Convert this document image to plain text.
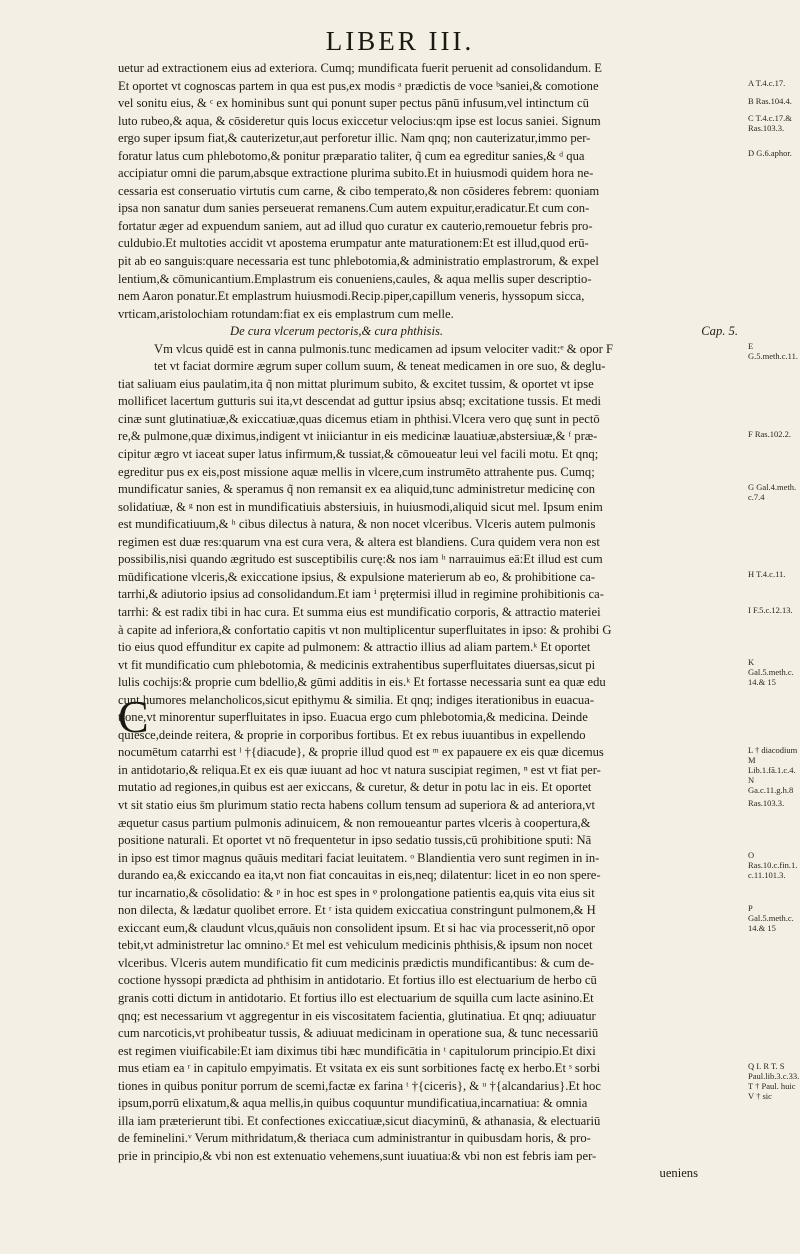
LIBER III.
C
uetur ad extractionem eius ad exteriora. Cumq; mundificata fuerit peruenit ad consolidandum. E
Et oportet vt cognoscas partem in qua est pus,ex modis ᵃ prædictis de voce ᵇsaniei,& comotione
vel sonitu eius, & ᶜ ex hominibus sunt qui ponunt super pectus pānū infusum,vel intinctum cū
luto rubeo,& aqua, & cōsideretur quis locus exiccetur velocius:qm ipse est locus saniei. Signum
ergo super ipsum fiat,& cauterizetur,aut perforetur illic. Nam qnq; non cauterizatur,immo per-
foratur latus cum phlebotomo,& ponitur præparatio taliter, q̃ cum ea egreditur sanies,& ᵈ qua
accipiatur omni die parum,absque extractione plurima subito.Et in huiusmodi quidem hora ne-
cessaria est conseruatio virtutis cum carne, & cibo temperato,& non cōsideres febrem: quoniam
ipsa non sanatur dum sanies perseuerat remanens.Cum autem expuitur,eradicatur.Et cum con-
fortatur æger ad expuendum saniem, aut ad illud quo curatur ex cauterio,remouetur febris pro-
culdubio.Et multoties accidit vt apostema erumpatur ante maturationem:Et est illud,quod erū-
pit ab eo sanguis:quare necessaria est tunc phlebotomia,& administratio emplastrorum, & expel
lentium,& cōmunicantium.Emplastrum eis conueniens,caules, & aqua mellis super descriptio-
nem Aaron ponatur.Et emplastrum huiusmodi.Recip.piper,capillum veneris, hyssopum sicca,
vrticam,aristolochiam rotundam:fiat ex eis emplastrum cum melle.
De cura vlcerum pectoris,& cura phthisis.	Cap. 5.
Vm vlcus quidē est in canna pulmonis.tunc medicamen ad ipsum velociter vadit:ᵉ & opor F
tet vt faciat dormire ægrum super collum suum, & teneat medicamen in ore suo, & deglu-
tiat saliuam eius paulatim,ita q̃ non mittat plurimum subito, & excitet tussim, & oportet vt ipse
mollificet lacertum gutturis sui ita,vt descendat ad guttur ipsius absq; excitatione tussis. Et medi
cinæ sunt glutinatiuæ,& exiccatiuæ,quas dicemus etiam in phthisi.Vlcera vero quę sunt in pectō
re,& pulmone,quæ diximus,indigent vt iniiciantur in eis medicinæ lauatiuæ,abstersiuæ,& ᶠ præ-
cipitur ægro vt iaceat super latus infirmum,& tussiat,& cōmoueatur leui vel facili motu. Et qnq;
egreditur pus ex eis,post missione aquæ mellis in vlcere,cum instrumēto attrahente pus. Cumq;
mundificatur sanies, & speramus q̃ non remansit ex ea aliquid,tunc administretur medicinę con
solidatiuæ, & ᵍ non est in mundificatiuis abstersiuis, in huiusmodi,aliquid sicut mel. Ipsum enim
est mundificatiuum,& ʰ cibus dilectus à natura, & non nocet vlceribus. Vlceris autem pulmonis
regimen est duæ res:quarum vna est cura vera, & altera est blandiens. Cura quidem vera non est
possibilis,nisi quando ægritudo est susceptibilis curę:& nos iam ʰ narrauimus eā:Et illud est cum
mūdificatione vlceris,& exiccatione ipsius, & expulsione materierum ab eo, & prohibitione ca-
tarrhi,& adiutorio ipsius ad consolidandum.Et iam ⁱ prętermisi illud in regimine prohibitionis ca-
tarrhi: & est radix tibi in hac cura. Et summa eius est mundificatio corporis, & attractio materiei
à capite ad inferiora,& confortatio capitis vt non multiplicentur superfluitates in ipso: & prohibi G
tio eius quod effunditur ex capite ad pulmonem: & attractio illius ad aliam partem.ᵏ Et oportet
vt fit mundificatio cum phlebotomia, & medicinis extrahentibus superfluitates diuersas,sicut pi
lulis cochijs:& proprie cum bdellio,& gūmi additis in eis.ᵏ Et fortasse necessaria sunt ea quæ edu
cunt humores melancholicos,sicut epithymu & similia. Et qnq; indiges iterationibus in euacua-
tione,vt minorentur superfluitates in ipso. Euacua ergo cum phlebotomia,& medicina. Deinde
quiesce,deinde reitera, & proprie in corporibus fortibus. Et ex rebus iuuantibus in expellendo
nocumētum catarrhi est ˡ †{diacude}, & proprie illud quod est ᵐ ex papauere ex eis quæ dicemus
in antidotario,& reliqua.Et ex eis quæ iuuant ad hoc vt natura suscipiat regimen, ⁿ est vt fiat per-
mutatio ad regiones,in quibus est aer exiccans, & curetur, & detur in potu lac in eis. Et oportet
vt sit statio eius s̄m plurimum statio recta habens collum tensum ad superiora & ad anteriora,vt
æquetur casus partium pulmonis adinuicem, & non remoueantur partes vlceris à coopertura,&
positione naturali. Et oportet vt nō frequentetur in ipso sedatio tussis,cū prohibitione sputi: Nā
in ipso est timor magnus quāuis meditari faciat leuitatem. ᵒ Blandientia vero sunt regimen in in-
durando ea,& exiccando ea ita,vt non fiat concauitas in eis,neq; dilatentur: licet in eo non spere-
tur incarnatio,& cōsolidatio: & ᵖ in hoc est spes in ᵠ prolongatione patientis ea,quis vita eius sit
non dilecta, & lædatur quolibet errore. Et ʳ ista quidem exiccatiua constringunt pulmonem,& H
exiccant eum,& claudunt vlcus,quāuis non consolident ipsum. Et si hac via processerit,nō opor
tebit,vt administretur lac omnino.ˢ Et mel est vehiculum medicinis phthisis,& ipsum non nocet
vlceribus. Vlceris autem mundificatio fit cum medicinis prædictis mundificantibus: & cum de-
coctione hyssopi prædicta ad phthisim in antidotario. Et fortius illo est electuarium de herbo cū
granis cotti dictum in antidotario. Et fortius illo est electuarium de squilla cum lacte asinino.Et
qnq; est necessarium vt aggregentur in eis viscositatem facientia, glutinatiua. Et qnq; adiuuatur
cum narcoticis,vt prohibeatur tussis, & adiuuat medicinam in operatione sua, & tunc necessariū
est regimen viuificabile:Et iam diximus tibi hæc mundificātia in ᵗ capitulorum principio.Et dixi
mus etiam ea ʳ in capitulo empyimatis. Et vsitata ex eis sunt sorbitiones factę ex herbo.Et ˢ sorbi
tiones in quibus ponitur porrum de scemi,factæ ex farina ᵗ †{ciceris}, & ᵘ †{alcandarius}.Et hoc
ipsum,porrū elixatum,& aqua mellis,in quibus coquuntur mundificatiua,incarnatiua: & omnia
illa iam præterierunt tibi. Et confectiones exiccatiuæ,sicut diacyminū, & athanasia, & electuariū
de feminelini.ᵛ Verum mithridatum,& theriaca cum administrantur in quibusdam horis, & pro-
prie in principio,& vbi non est extenuatio vehemens,sunt iuuatiua:& vbi non est febris iam per-
ueniens
A T.4.c.17.
B Ras.104.4.
C T.4.c.17.& Ras.103.3.
D G.6.aphor.
E G.5.meth.c.11.
F Ras.102.2.
G Gal.4.meth. c.7.4
H T.4.c.11.
I F.5.c.12.13.
K Gal.5.meth.c. 14.& 15
L † diacodium M Lib.1.fă.1.c.4. N Ga.c.11.g.h.8
Ras.103.3.
O Ras.10.c.fin.1. c.11.101.3.
P Gal.5.meth.c. 14.& 15
Q I. R T. S Paul.lib.3.c.33. T † Paul. huic V † sic
